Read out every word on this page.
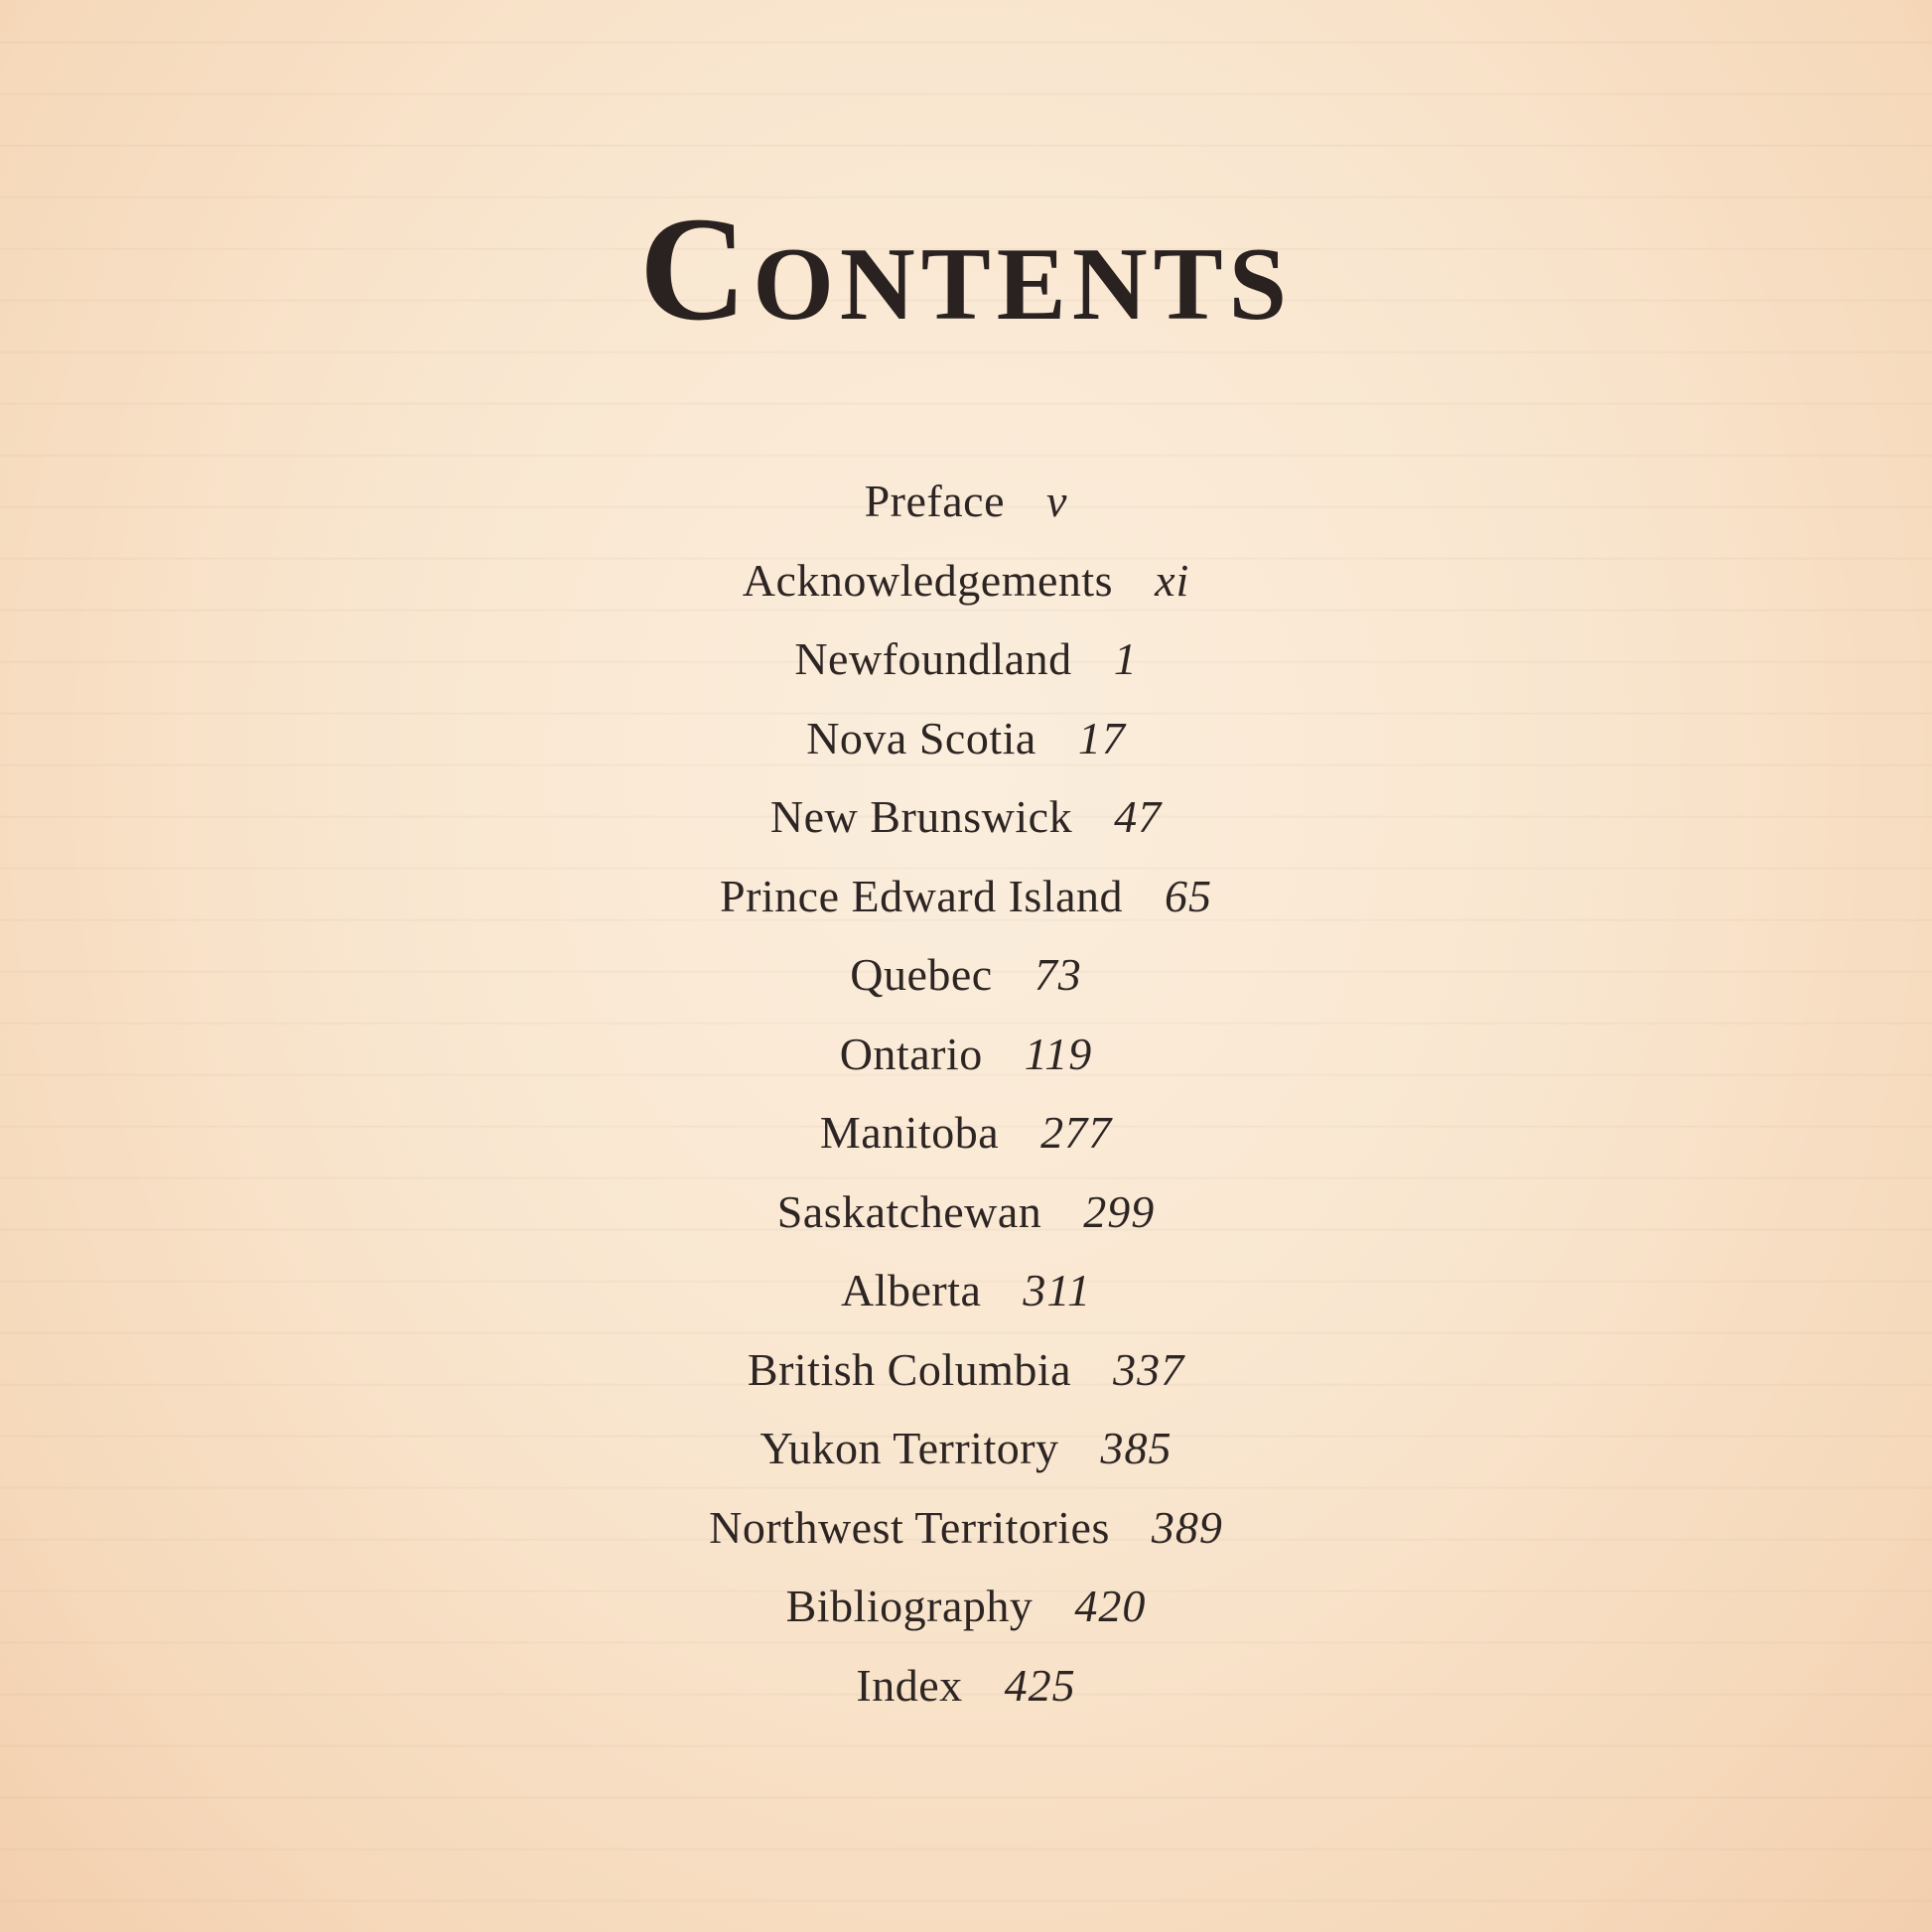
Contents
Preface v
Acknowledgements xi
Newfoundland 1
Nova Scotia 17
New Brunswick 47
Prince Edward Island 65
Quebec 73
Ontario 119
Manitoba 277
Saskatchewan 299
Alberta 311
British Columbia 337
Yukon Territory 385
Northwest Territories 389
Bibliography 420
Index 425
